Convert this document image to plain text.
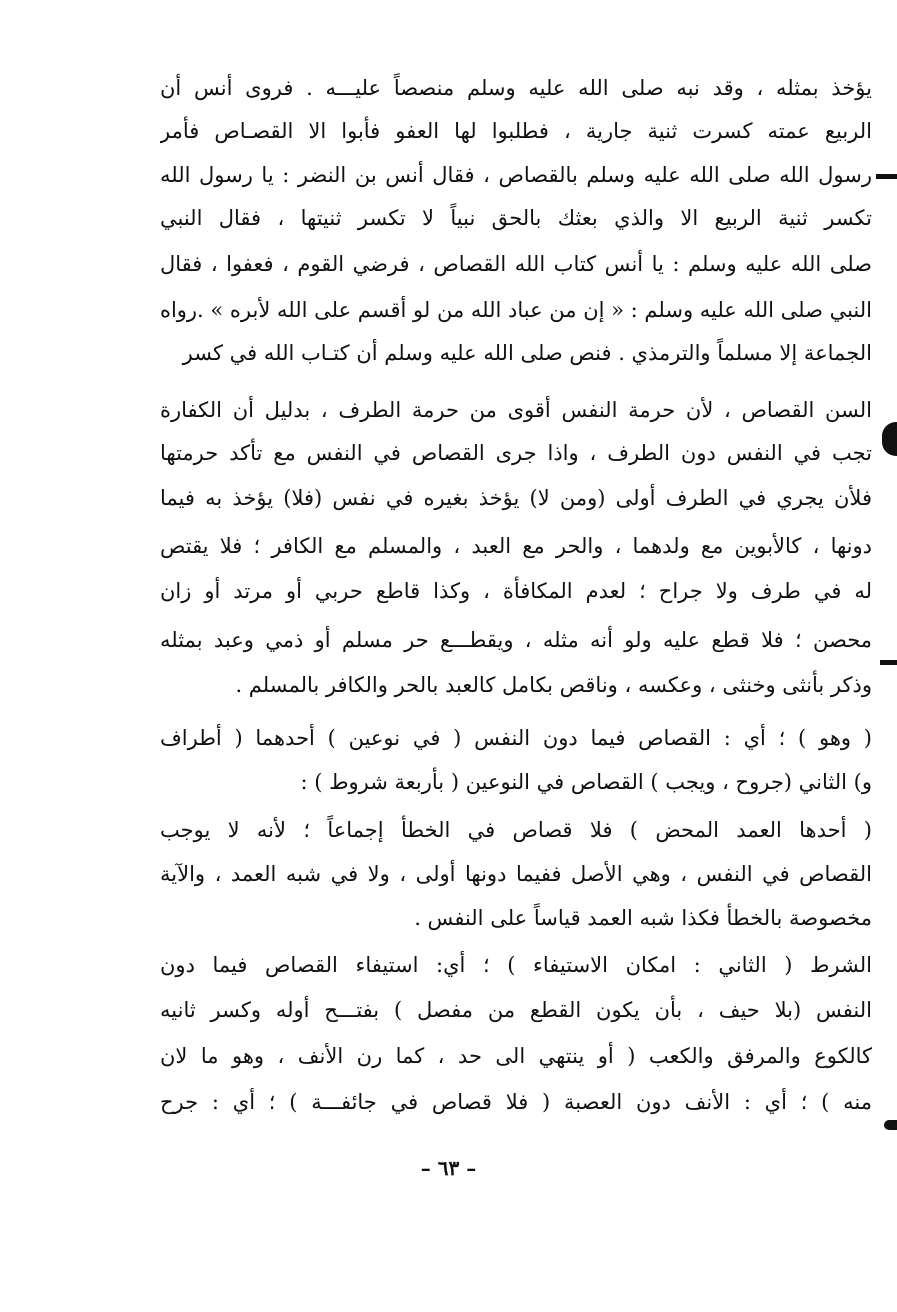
يؤخذ بمثله ، وقد نبه صلى الله عليه وسلم منصصاً عليـــه . فروى أنس أن
الربيع عمته كسرت ثنية جارية ، فطلبوا لها العفو فأبوا الا القصـاص فأمر
رسول الله صلى الله عليه وسلم بالقصاص ، فقال أنس بن النضر : يا رسول الله
تكسر ثنية الربيع الا والذي بعثك بالحق نبياً لا تكسر ثنيتها ، فقال النبي
صلى الله عليه وسلم : يا أنس كتاب الله القصاص ، فرضي القوم ، فعفوا ، فقال
النبي صلى الله عليه وسلم : « إن من عباد الله من لو أقسم على الله لأبره » .رواه
الجماعة إلا مسلماً والترمذي . فنص صلى الله عليه وسلم أن كتـاب الله في كسر
السن القصاص ، لأن حرمة النفس أقوى من حرمة الطرف ، بدليل أن الكفارة
تجب في النفس دون الطرف ، واذا جرى القصاص في النفس مع تأكد حرمتها
فلأن يجري في الطرف أولى (ومن لا) يؤخذ بغيره في نفس (فلا) يؤخذ به فيما
دونها ، كالأبوين مع ولدهما ، والحر مع العبد ، والمسلم مع الكافر ؛ فلا يقتص
له في طرف ولا جراح ؛ لعدم المكافأة ، وكذا قاطع حربي أو مرتد أو زان
محصن ؛ فلا قطع عليه ولو أنه مثله ، ويقطـــع حر مسلم أو ذمي وعبد بمثله
وذكر بأنثى وخنثى ، وعكسه ، وناقص بكامل كالعبد بالحر والكافر بالمسلم .
( وهو ) ؛ أي : القصاص فيما دون النفس ( في نوعين ) أحدهما ( أطراف
و) الثاني (جروح ، ويجب ) القصاص في النوعين ( بأربعة شروط ) :
( أحدها العمد المحض ) فلا قصاص في الخطأ إجماعاً ؛ لأنه لا يوجب
القصاص في النفس ، وهي الأصل ففيما دونها أولى ، ولا في شبه العمد ، والآية
مخصوصة بالخطأ فكذا شبه العمد قياساً على النفس .
الشرط ( الثاني : امكان الاستيفاء ) ؛ أي: استيفاء القصاص فيما دون
النفس (بلا حيف ، بأن يكون القطع من مفصل ) بفتـــح أوله وكسر ثانيه
كالكوع والمرفق والكعب ( أو ينتهي الى حد ، كما رن الأنف ، وهو ما لان
منه ) ؛ أي : الأنف دون العصبة ( فلا قصاص في جائفـــة ) ؛ أي : جرح
– ٦٣ –
